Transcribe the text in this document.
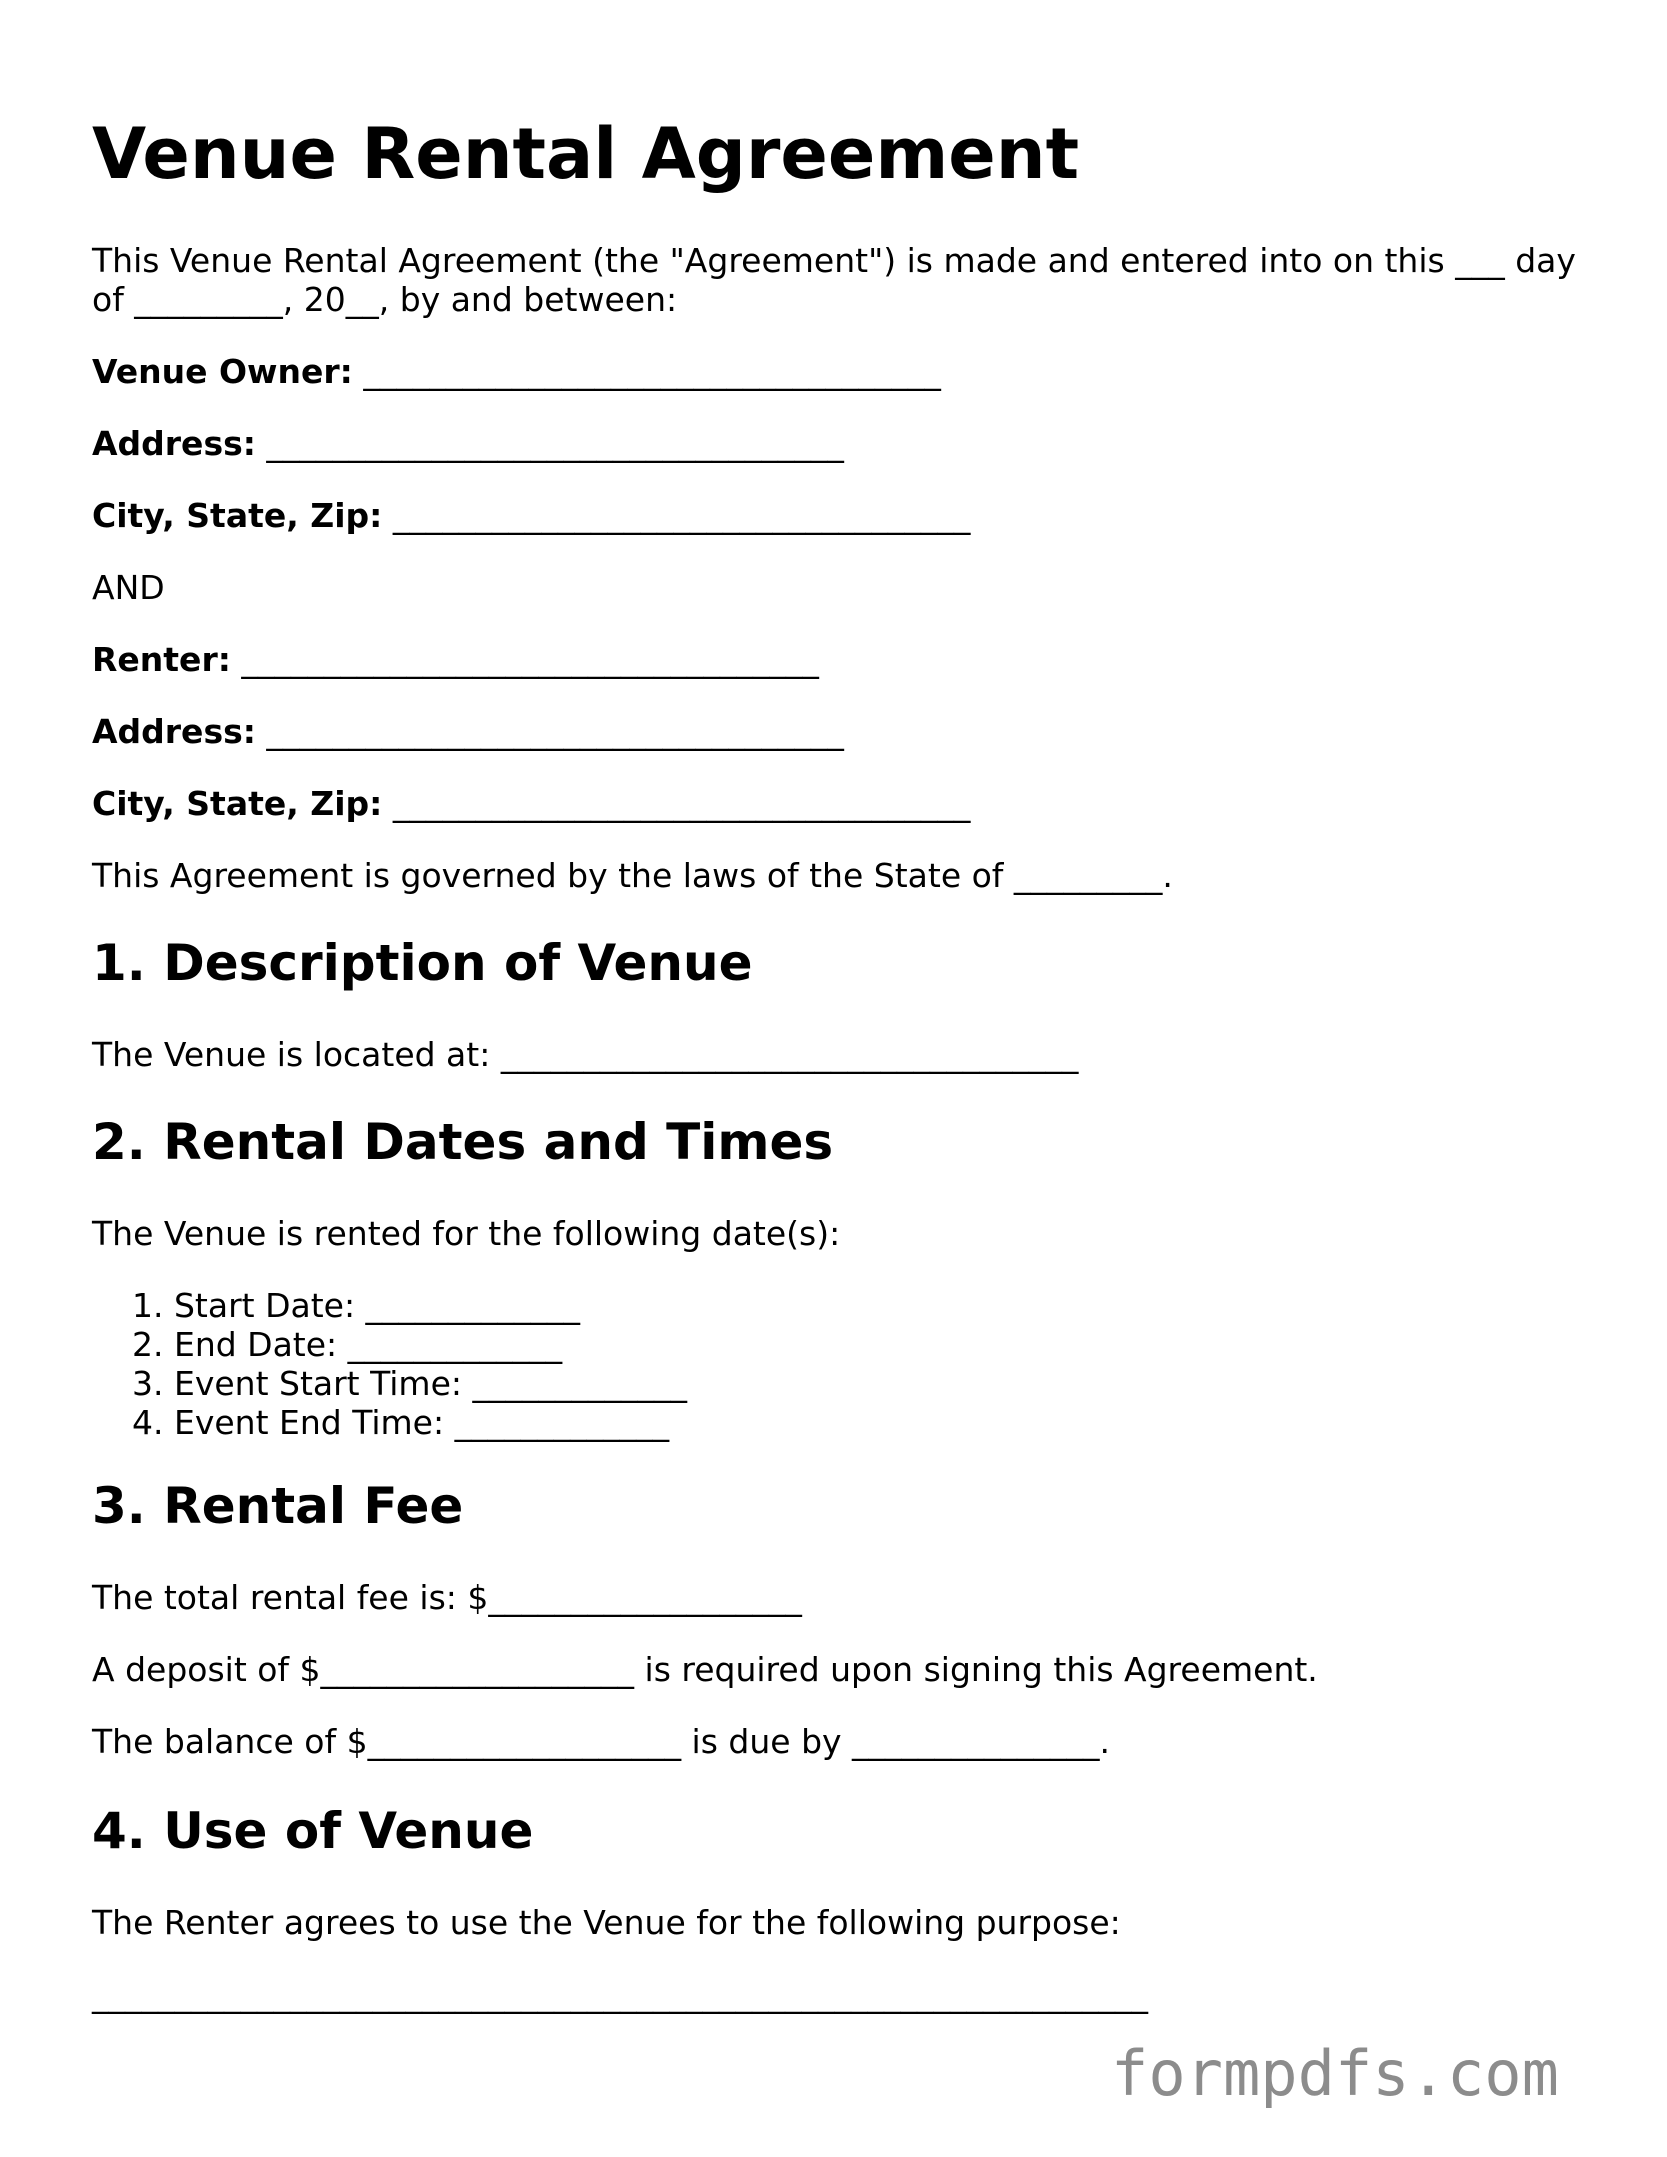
Venue Rental Agreement

This Venue Rental Agreement (the "Agreement") is made and entered into on this ___ day

of _________, 20__, by and between:

Venue Owner: ___________________________________

Address: ___________________________________

City, State, Zip: ___________________________________

AND

Renter: ___________________________________

Address: ___________________________________

City, State, Zip: ___________________________________

This Agreement is governed by the laws of the State of _________.

1. Description of Venue

The Venue is located at: ___________________________________

2. Rental Dates and Times

The Venue is rented for the following date(s):

1. Start Date: _____________
2. End Date: _____________
3. Event Start Time: _____________
4. Event End Time: _____________
3. Rental Fee

The total rental fee is: $___________________

A deposit of $___________________ is required upon signing this Agreement.

The balance of $___________________ is due by _______________.

4. Use of Venue

The Renter agrees to use the Venue for the following purpose:

________________________________________________________________

formpdfs.com
